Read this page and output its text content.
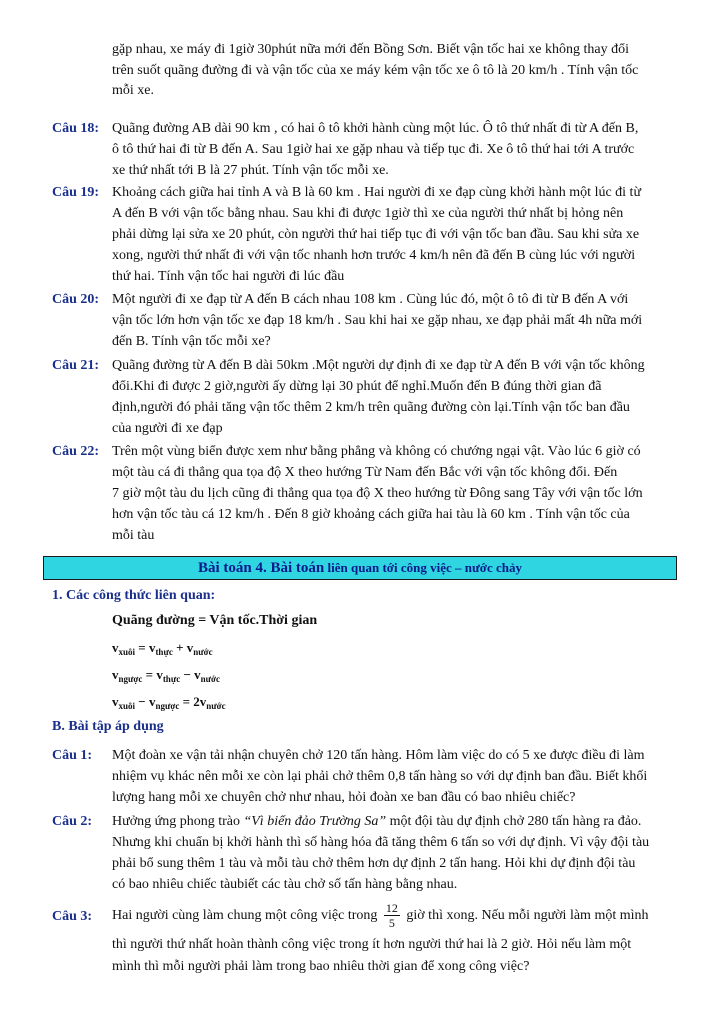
gặp nhau, xe máy đi 1giờ 30phút nữa mới đến Bồng Sơn. Biết vận tốc hai xe không thay đổi
trên suốt quãng đường đi và vận tốc của xe máy kém vận tốc xe ô tô là 20 km/h . Tính vận tốc
mỗi xe.
Câu 18: Quãng đường AB dài 90 km , có hai ô tô khởi hành cùng một lúc. Ô tô thứ nhất đi từ A đến B,
ô tô thứ hai đi từ B đến A. Sau 1giờ hai xe gặp nhau và tiếp tục đi. Xe ô tô thứ hai tới A trước
xe thứ nhất tới B là 27 phút. Tính vận tốc mỗi xe.
Câu 19: Khoảng cách giữa hai tỉnh A và B là 60 km . Hai người đi xe đạp cùng khởi hành một lúc đi từ
A đến B với vận tốc bằng nhau. Sau khi đi được 1giờ thì xe của người thứ nhất bị hỏng nên
phải dừng lại sửa xe 20 phút, còn người thứ hai tiếp tục đi với vận tốc ban đầu. Sau khi sửa xe
xong, người thứ nhất đi với vận tốc nhanh hơn trước 4 km/h nên đã đến B cùng lúc với người
thứ hai. Tính vận tốc hai người đi lúc đầu
Câu 20: Một người đi xe đạp từ A đến B cách nhau 108 km . Cùng lúc đó, một ô tô đi từ B đến A với
vận tốc lớn hơn vận tốc xe đạp 18 km/h . Sau khi hai xe gặp nhau, xe đạp phải mất 4h nữa mới
đến B. Tính vận tốc mỗi xe?
Câu 21: Quãng đường từ A đến B dài 50km .Một người dự định đi xe đạp từ A đến B với vận tốc không
đổi.Khi đi được 2 giờ,người ấy dừng lại 30 phút để nghỉ.Muốn đến B đúng thời gian đã
định,người đó phải tăng vận tốc thêm 2 km/h trên quãng đường còn lại.Tính vận tốc ban đầu
của người đi xe đạp
Câu 22: Trên một vùng biển được xem như bằng phẳng và không có chướng ngại vật. Vào lúc 6 giờ có
một tàu cá đi thẳng qua tọa độ X theo hướng Từ Nam đến Bắc với vận tốc không đổi. Đến
7 giờ một tàu du lịch cũng đi thẳng qua tọa độ X theo hướng từ Đông sang Tây với vận tốc lớn
hơn vận tốc tàu cá 12 km/h . Đến 8 giờ khoảng cách giữa hai tàu là 60 km . Tính vận tốc của
mỗi tàu
Bài toán 4. Bài toán liên quan tới công việc – nước chảy
1. Các công thức liên quan:
Quãng đường = Vận tốc.Thời gian
$v_{xuôi} = v_{thực} + v_{nước}$
$v_{ngược} = v_{thực} - v_{nước}$
$v_{xuôi} - v_{ngược} = 2v_{nước}$
B. Bài tập áp dụng
Câu 1: Một đoàn xe vận tải nhận chuyên chở 120 tấn hàng. Hôm làm việc do có 5 xe được điều đi làm
nhiệm vụ khác nên mỗi xe còn lại phải chở thêm 0,8 tấn hàng so với dự định ban đầu. Biết khối
lượng hang mỗi xe chuyên chở như nhau, hỏi đoàn xe ban đầu có bao nhiêu chiếc?
Câu 2: Hưởng ứng phong trào “Vì biển đảo Trường Sa” một đội tàu dự định chở 280 tấn hàng ra đảo.
Nhưng khi chuẩn bị khởi hành thì số hàng hóa đã tăng thêm 6 tấn so với dự định. Vì vậy đội tàu
phải bổ sung thêm 1 tàu và mỗi tàu chở thêm hơn dự định 2 tấn hang. Hỏi khi dự định đội tàu
có bao nhiêu chiếc tàubiết các tàu chở số tấn hàng bằng nhau.
Câu 3: Hai người cùng làm chung một công việc trong $\frac{12}{5}$ giờ thì xong. Nếu mỗi người làm một mình
thì người thứ nhất hoàn thành công việc trong ít hơn người thứ hai là 2 giờ. Hỏi nếu làm một
mình thì mỗi người phải làm trong bao nhiêu thời gian để xong công việc?
